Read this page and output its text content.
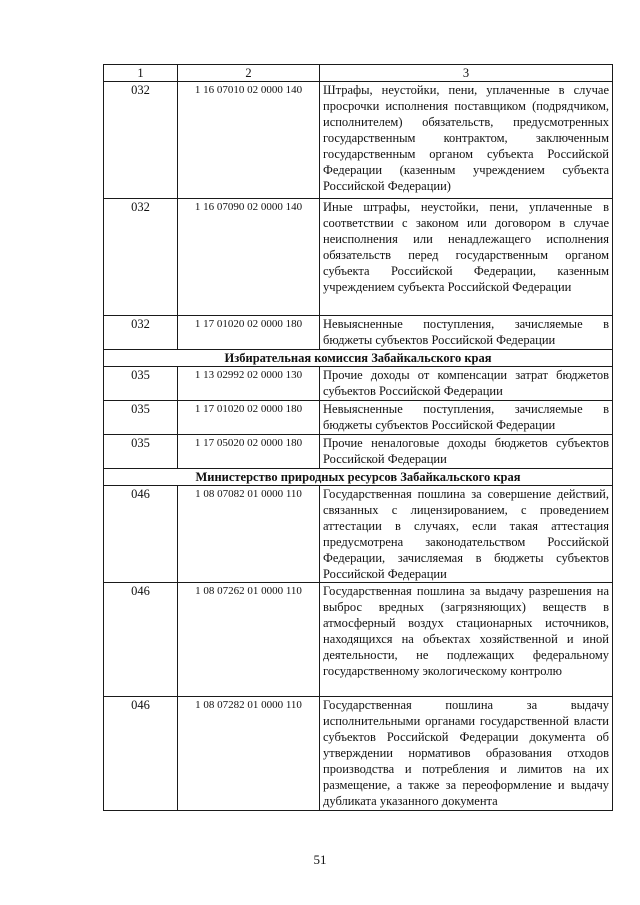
1	2	3
032	1 16 07010 02 0000 140	Штрафы, неустойки, пени, уплаченные в случае просрочки исполнения поставщиком (подрядчиком, исполнителем) обязательств, предусмотренных государственным контрактом, заключенным государственным органом субъекта Российской Федерации (казенным учреждением субъекта Российской Федерации)
032	1 16 07090 02 0000 140	Иные штрафы, неустойки, пени, уплаченные в соответствии с законом или договором в случае неисполнения или ненадлежащего исполнения обязательств перед государственным органом субъекта Российской Федерации, казенным учреждением субъекта Российской Федерации
032	1 17 01020 02 0000 180	Невыясненные поступления, зачисляемые в бюджеты субъектов Российской Федерации
Избирательная комиссия Забайкальского края		
035	1 13 02992 02 0000 130	Прочие доходы от компенсации затрат бюджетов субъектов Российской Федерации
035	1 17 01020 02 0000 180	Невыясненные поступления, зачисляемые в бюджеты субъектов Российской Федерации
035	1 17 05020 02 0000 180	Прочие неналоговые доходы бюджетов субъектов Российской Федерации
Министерство природных ресурсов Забайкальского края		
046	1 08 07082 01 0000 110	Государственная пошлина за совершение действий, связанных с лицензированием, с проведением аттестации в случаях, если такая аттестация предусмотрена законодательством Российской Федерации, зачисляемая в бюджеты субъектов Российской Федерации
046	1 08 07262 01 0000 110	Государственная пошлина за выдачу разрешения на выброс вредных (загрязняющих) веществ в атмосферный воздух стационарных источников, находящихся на объектах хозяйственной и иной деятельности, не подлежащих федеральному государственному экологическому контролю
046	1 08 07282 01 0000 110	Государственная пошлина за выдачу исполнительными органами государственной власти субъектов Российской Федерации документа об утверждении нормативов образования отходов производства и потребления и лимитов на их размещение, а также за переоформление и выдачу дубликата указанного документа
51
